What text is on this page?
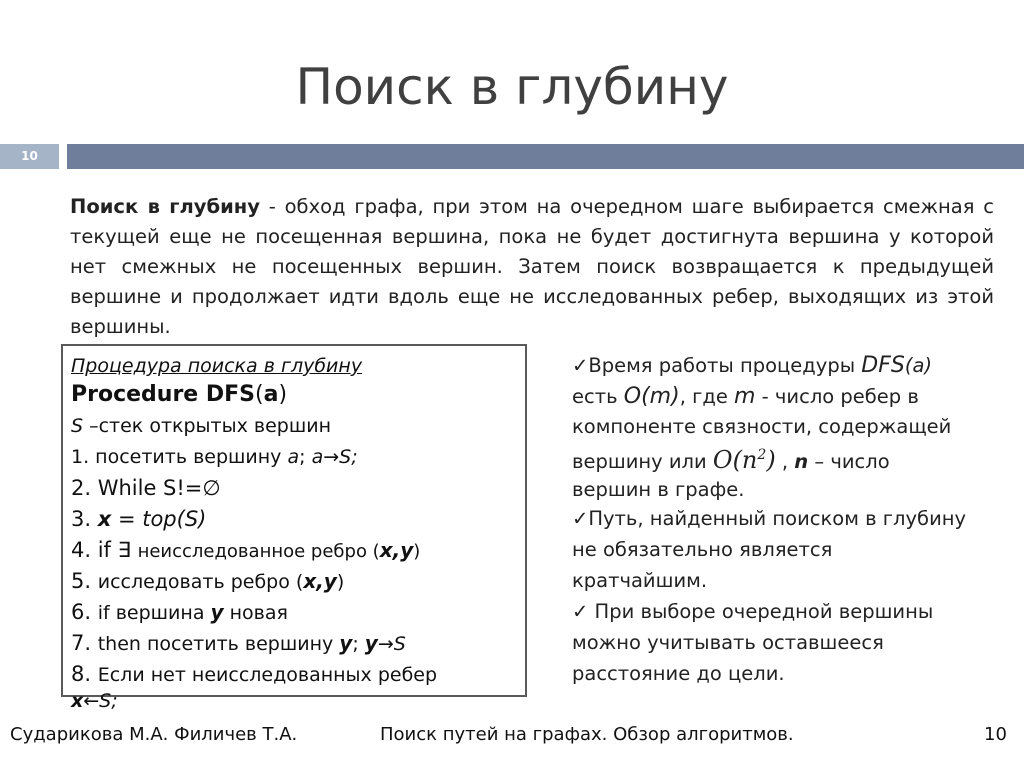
Поиск в глубину
10
Поиск в глубину - обход графа, при этом на очередном шаге выбирается смежная с текущей еще не посещенная вершина, пока не будет достигнута вершина у которой нет смежных не посещенных вершин. Затем поиск возвращается к предыдущей вершине и продолжает идти вдоль еще не исследованных ребер, выходящих из этой вершины.
Процедура поиска в глубину
Procedure DFS(a)
S –стек открытых вершин
1. посетить вершину a; a→S;
2. While S!=∅
3. x = top(S)
4. if ∃ неисследованное ребро (x,y)
5. исследовать ребро (x,y)
6. if вершина y новая
7. then посетить вершину y; y→S
8. Если нет неисследованных ребер
x←S;
✓Время работы процедуры DFS(a)
есть O(m), где m - число ребер в
компоненте связности, содержащей
вершину или $O(n^2)$ , n – число
вершин в графе.
✓Путь, найденный поиском в глубину
не обязательно является
кратчайшим.
✓ При выборе очередной вершины
можно учитывать оставшееся
расстояние до цели.
Сударикова М.А. Филичев Т.А.	Поиск путей на графах. Обзор алгоритмов.	10
